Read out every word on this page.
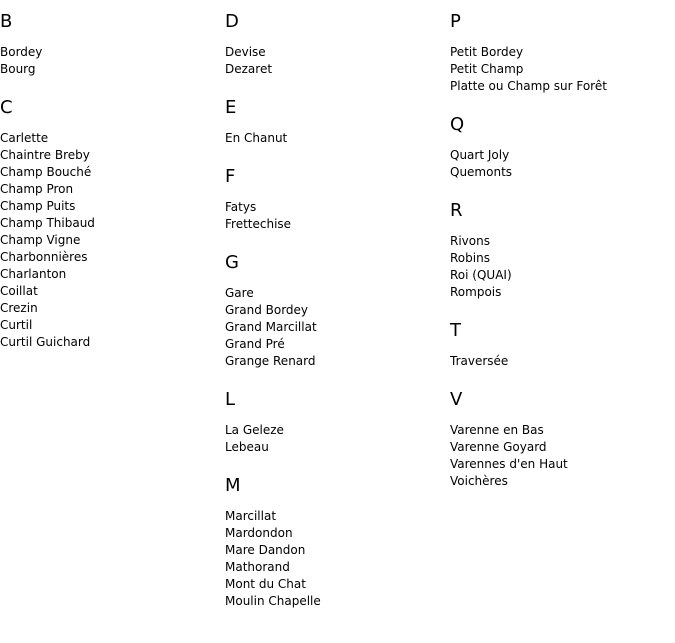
B
Bordey
Bourg
C
Carlette
Chaintre Breby
Champ Bouché
Champ Pron
Champ Puits
Champ Thibaud
Champ Vigne
Charbonnières
Charlanton
Coillat
Crezin
Curtil
Curtil Guichard
D
Devise
Dezaret
E
En Chanut
F
Fatys
Frettechise
G
Gare
Grand Bordey
Grand Marcillat
Grand Pré
Grange Renard
L
La Geleze
Lebeau
M
Marcillat
Mardondon
Mare Dandon
Mathorand
Mont du Chat
Moulin Chapelle
P
Petit Bordey
Petit Champ
Platte ou Champ sur Forêt
Q
Quart Joly
Quemonts
R
Rivons
Robins
Roi (QUAI)
Rompois
T
Traversée
V
Varenne en Bas
Varenne Goyard
Varennes d'en Haut
Voichères
